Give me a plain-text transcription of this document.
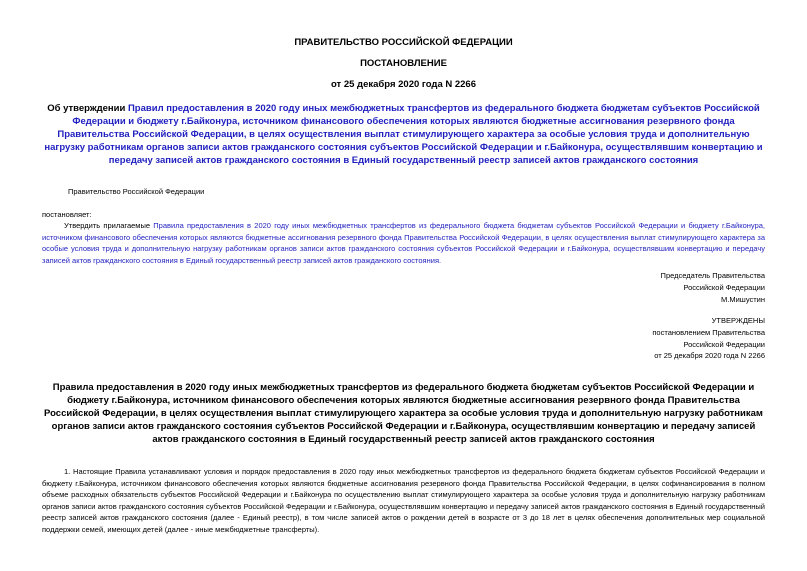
ПРАВИТЕЛЬСТВО РОССИЙСКОЙ ФЕДЕРАЦИИ
ПОСТАНОВЛЕНИЕ
от 25 декабря 2020 года N 2266
Об утверждении Правил предоставления в 2020 году иных межбюджетных трансфертов из федерального бюджета бюджетам субъектов Российской Федерации и бюджету г.Байконура, источником финансового обеспечения которых являются бюджетные ассигнования резервного фонда Правительства Российской Федерации, в целях осуществления выплат стимулирующего характера за особые условия труда и дополнительную нагрузку работникам органов записи актов гражданского состояния субъектов Российской Федерации и г.Байконура, осуществлявшим конвертацию и передачу записей актов гражданского состояния в Единый государственный реестр записей актов гражданского состояния
Правительство Российской Федерации
постановляет:
Утвердить прилагаемые Правила предоставления в 2020 году иных межбюджетных трансфертов из федерального бюджета бюджетам субъектов Российской Федерации и бюджету г.Байконура, источником финансового обеспечения которых являются бюджетные ассигнования резервного фонда Правительства Российской Федерации, в целях осуществления выплат стимулирующего характера за особые условия труда и дополнительную нагрузку работникам органов записи актов гражданского состояния субъектов Российской Федерации и г.Байконура, осуществлявшим конвертацию и передачу записей актов гражданского состояния в Единый государственный реестр записей актов гражданского состояния.
Председатель Правительства
Российской Федерации
М.Мишустин
УТВЕРЖДЕНЫ
постановлением Правительства
Российской Федерации
от 25 декабря 2020 года N 2266
Правила предоставления в 2020 году иных межбюджетных трансфертов из федерального бюджета бюджетам субъектов Российской Федерации и бюджету г.Байконура, источником финансового обеспечения которых являются бюджетные ассигнования резервного фонда Правительства Российской Федерации, в целях осуществления выплат стимулирующего характера за особые условия труда и дополнительную нагрузку работникам органов записи актов гражданского состояния субъектов Российской Федерации и г.Байконура, осуществлявшим конвертацию и передачу записей актов гражданского состояния в Единый государственный реестр записей актов гражданского состояния
1. Настоящие Правила устанавливают условия и порядок предоставления в 2020 году иных межбюджетных трансфертов из федерального бюджета бюджетам субъектов Российской Федерации и бюджету г.Байконура, источником финансового обеспечения которых являются бюджетные ассигнования резервного фонда Правительства Российской Федерации, в целях софинансирования в полном объеме расходных обязательств субъектов Российской Федерации и г.Байконура по осуществлению выплат стимулирующего характера за особые условия труда и дополнительную нагрузку работникам органов записи актов гражданского состояния субъектов Российской Федерации и г.Байконура, осуществлявшим конвертацию и передачу записей актов гражданского состояния в Единый государственный реестр записей актов гражданского состояния (далее - Единый реестр), в том числе записей актов о рождении детей в возрасте от 3 до 18 лет в целях обеспечения дополнительных мер социальной поддержки семей, имеющих детей (далее - иные межбюджетные трансферты).
